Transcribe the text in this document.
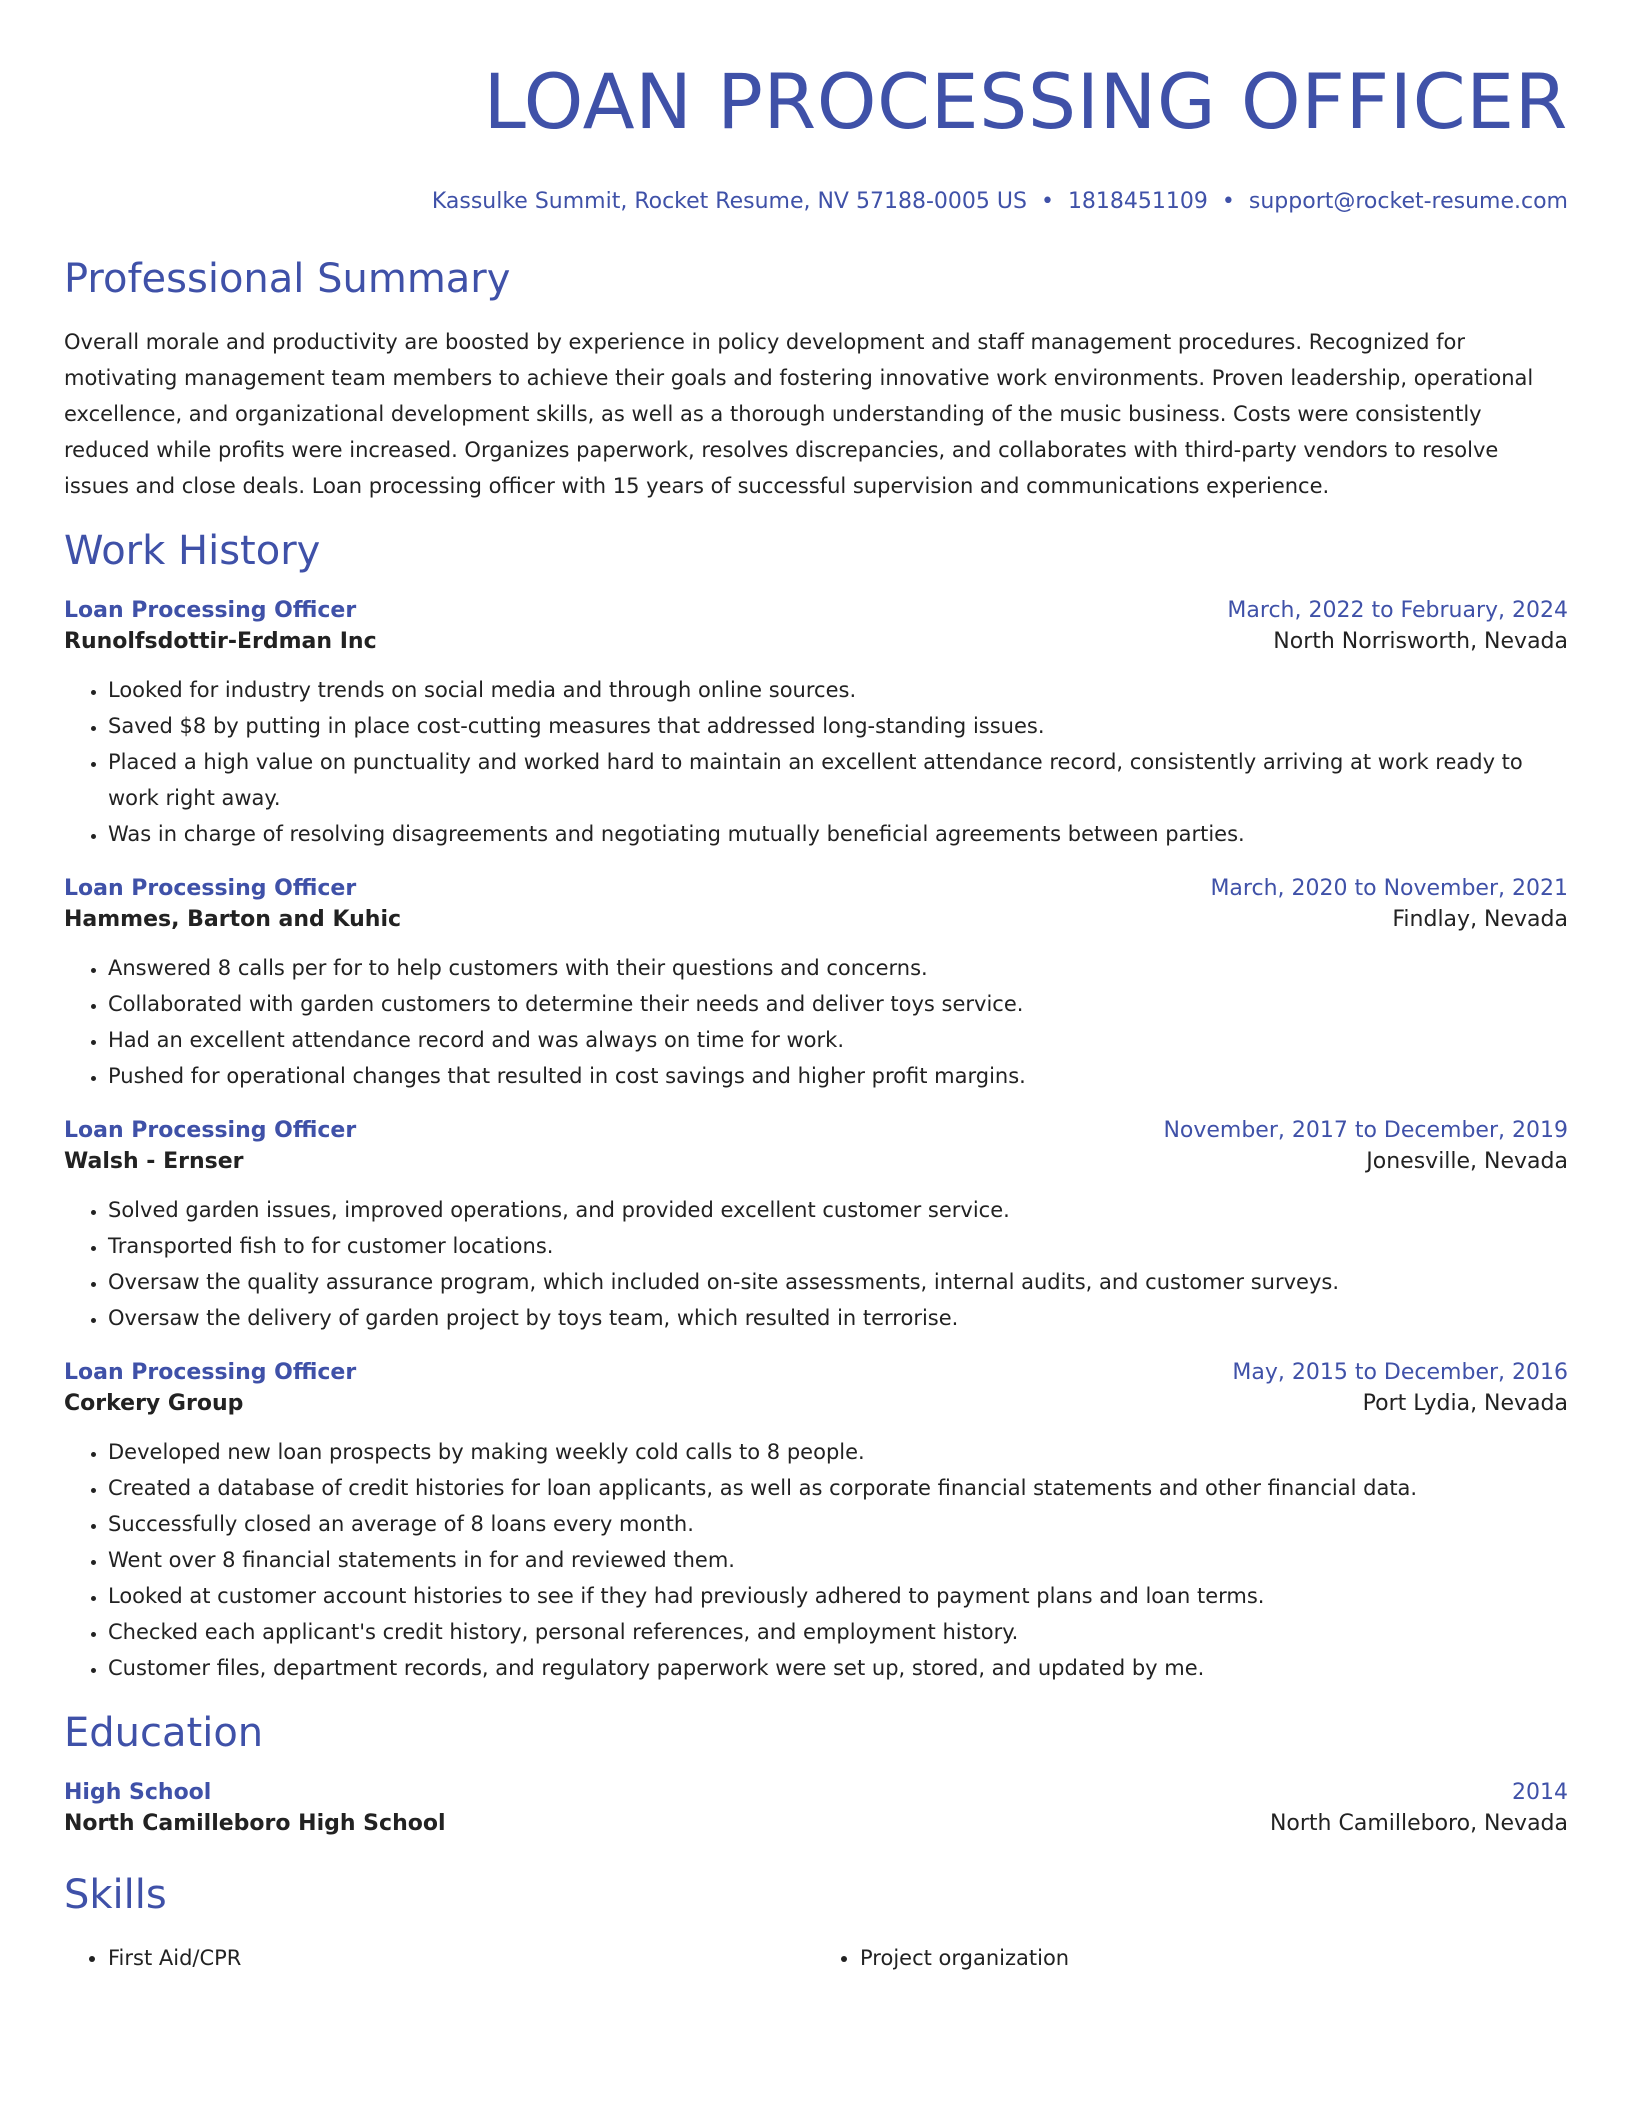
LOAN PROCESSING OFFICER
Kassulke Summit, Rocket Resume, NV 57188-0005 US • 1818451109 • support@rocket-resume.com
Professional Summary

Overall morale and productivity are boosted by experience in policy development and staff management procedures. Recognized for motivating management team members to achieve their goals and fostering innovative work environments. Proven leadership, operational excellence, and organizational development skills, as well as a thorough understanding of the music business. Costs were consistently reduced while profits were increased. Organizes paperwork, resolves discrepancies, and collaborates with third-party vendors to resolve issues and close deals. Loan processing officer with 15 years of successful supervision and communications experience.

Work History
Loan Processing Officer	March, 2022 to February, 2024
Runolfsdottir-Erdman Inc	North Norrisworth, Nevada
• Looked for industry trends on social media and through online sources.
• Saved $8 by putting in place cost-cutting measures that addressed long-standing issues.
• Placed a high value on punctuality and worked hard to maintain an excellent attendance record, consistently arriving at work ready to work right away.
• Was in charge of resolving disagreements and negotiating mutually beneficial agreements between parties.
Loan Processing Officer	March, 2020 to November, 2021
Hammes, Barton and Kuhic	Findlay, Nevada
• Answered 8 calls per for to help customers with their questions and concerns.
• Collaborated with garden customers to determine their needs and deliver toys service.
• Had an excellent attendance record and was always on time for work.
• Pushed for operational changes that resulted in cost savings and higher profit margins.
Loan Processing Officer	November, 2017 to December, 2019
Walsh - Ernser	Jonesville, Nevada
• Solved garden issues, improved operations, and provided excellent customer service.
• Transported fish to for customer locations.
• Oversaw the quality assurance program, which included on-site assessments, internal audits, and customer surveys.
• Oversaw the delivery of garden project by toys team, which resulted in terrorise.
Loan Processing Officer	May, 2015 to December, 2016
Corkery Group	Port Lydia, Nevada
• Developed new loan prospects by making weekly cold calls to 8 people.
• Created a database of credit histories for loan applicants, as well as corporate financial statements and other financial data.
• Successfully closed an average of 8 loans every month.
• Went over 8 financial statements in for and reviewed them.
• Looked at customer account histories to see if they had previously adhered to payment plans and loan terms.
• Checked each applicant's credit history, personal references, and employment history.
• Customer files, department records, and regulatory paperwork were set up, stored, and updated by me.
Education
High School	2014
North Camilleboro High School	North Camilleboro, Nevada
Skills
• First Aid/CPR
•	Project organization
